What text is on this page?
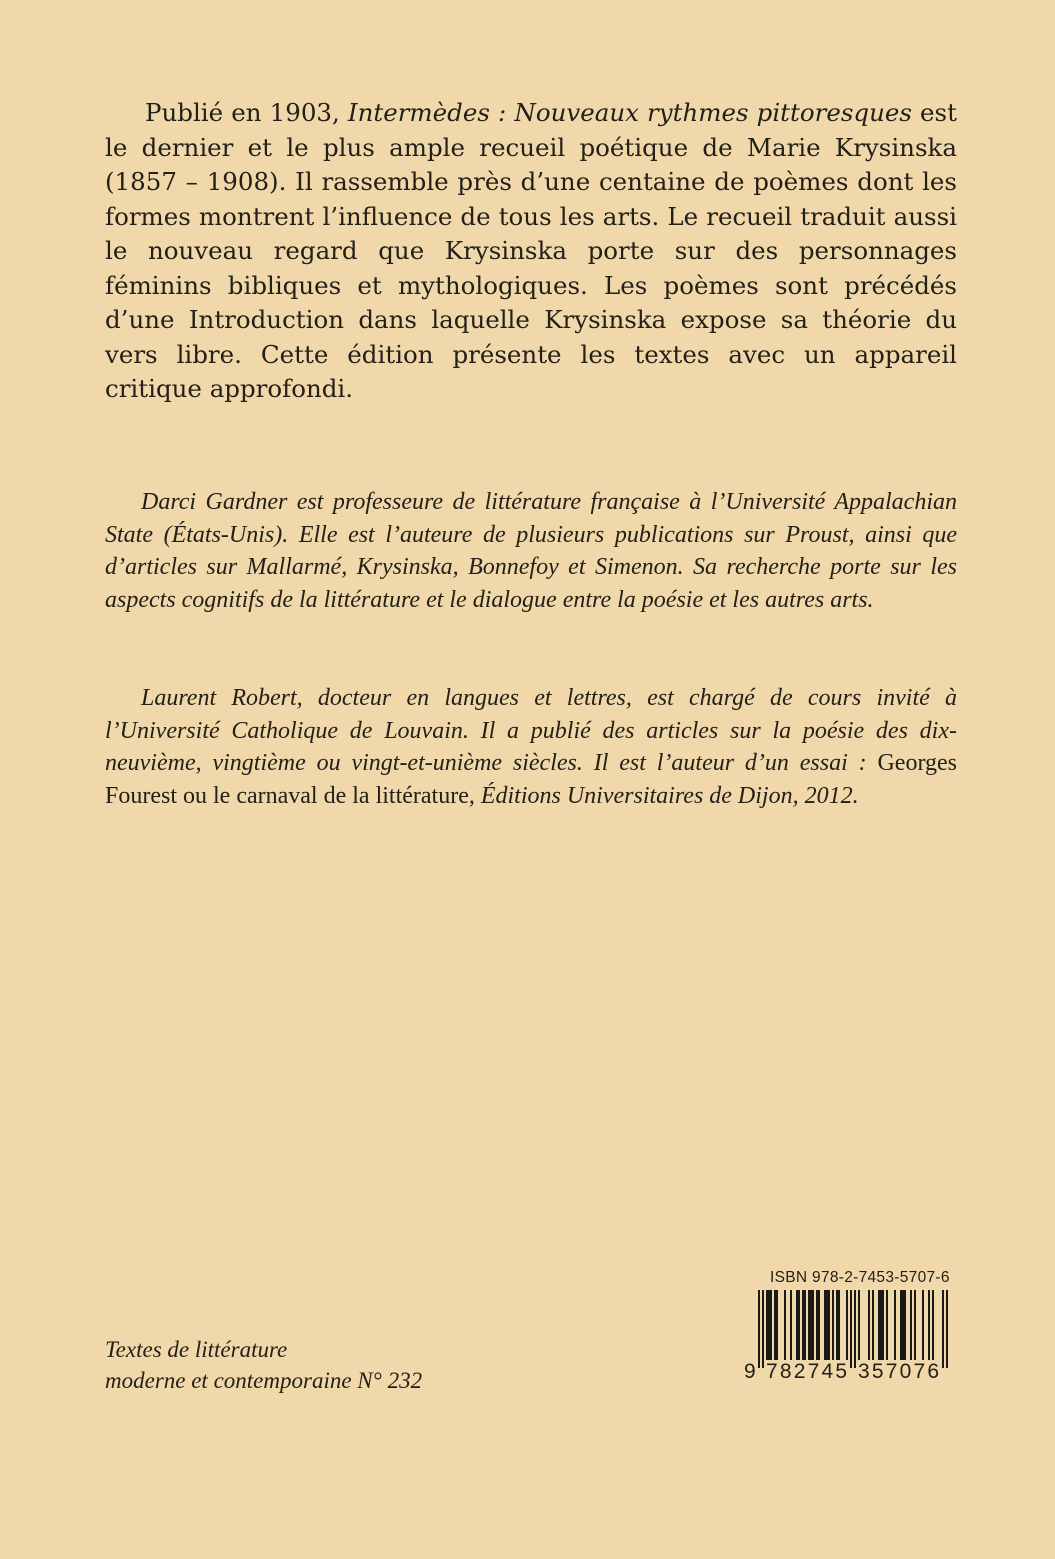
Publié en 1903, Intermèdes : Nouveaux rythmes pittoresques est le dernier et le plus ample recueil poétique de Marie Krysinska (1857 – 1908). Il rassemble près d’une centaine de poèmes dont les formes montrent l’influence de tous les arts. Le recueil traduit aussi le nouveau regard que Krysinska porte sur des personnages féminins bibliques et mythologiques. Les poèmes sont précédés d’une Introduction dans laquelle Krysinska expose sa théorie du vers libre. Cette édition présente les textes avec un appareil critique approfondi.

Darci Gardner est professeure de littérature française à l’Université Appalachian State (États-Unis). Elle est l’auteure de plusieurs publications sur Proust, ainsi que d’articles sur Mallarmé, Krysinska, Bonnefoy et Simenon. Sa recherche porte sur les aspects cognitifs de la littérature et le dialogue entre la poésie et les autres arts.

Laurent Robert, docteur en langues et lettres, est chargé de cours invité à l’Université Catholique de Louvain. Il a publié des articles sur la poésie des dix-neuvième, vingtième ou vingt-et-unième siècles. Il est l’auteur d’un essai : Georges Fourest ou le carnaval de la littérature, Éditions Universitaires de Dijon, 2012.

Textes de littérature
moderne et contemporaine N° 232
ISBN 978-2-7453-5707-6
9 782745 357076
